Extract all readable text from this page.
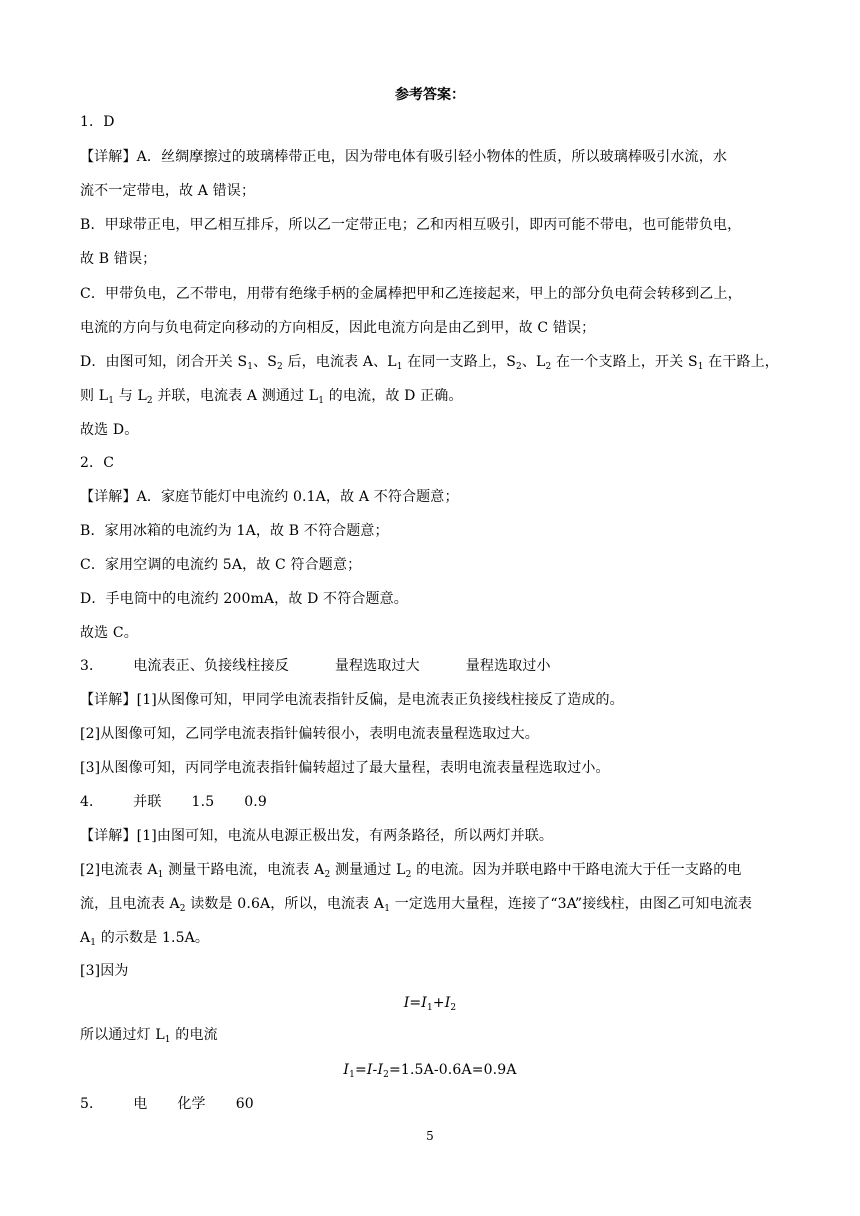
参考答案：
1．D
【详解】A．丝绸摩擦过的玻璃棒带正电，因为带电体有吸引轻小物体的性质，所以玻璃棒吸引水流，水
流不一定带电，故 A 错误；
B．甲球带正电，甲乙相互排斥，所以乙一定带正电；乙和丙相互吸引，即丙可能不带电，也可能带负电，
故 B 错误；
C．甲带负电，乙不带电，用带有绝缘手柄的金属棒把甲和乙连接起来，甲上的部分负电荷会转移到乙上，
电流的方向与负电荷定向移动的方向相反，因此电流方向是由乙到甲，故 C 错误；
D．由图可知，闭合开关 $S_1$、$S_2$ 后，电流表 A、$L_1$ 在同一支路上，$S_2$、$L_2$ 在一个支路上，开关 $S_1$ 在干路上，
则 $L_1$ 与 $L_2$ 并联，电流表 A 测通过 $L_1$ 的电流，故 D 正确。
故选 D。
2．C
【详解】A．家庭节能灯中电流约 0.1A，故 A 不符合题意；
B．家用冰箱的电流约为 1A，故 B 不符合题意；
C．家用空调的电流约 5A，故 C 符合题意；
D．手电筒中的电流约 200mA，故 D 不符合题意。
故选 C。
3． 电流表正、负接线柱接反	量程选取过大	量程选取过小
【详解】[1]从图像可知，甲同学电流表指针反偏，是电流表正负接线柱接反了造成的。
[2]从图像可知，乙同学电流表指针偏转很小，表明电流表量程选取过大。
[3]从图像可知，丙同学电流表指针偏转超过了最大量程，表明电流表量程选取过小。
4． 并联 1.5 0.9
【详解】[1]由图可知，电流从电源正极出发，有两条路径，所以两灯并联。
[2]电流表 $A_1$ 测量干路电流，电流表 $A_2$ 测量通过 $L_2$ 的电流。因为并联电路中干路电流大于任一支路的电
流，且电流表 $A_2$ 读数是 0.6A，所以，电流表 $A_1$ 一定选用大量程，连接了“3A”接线柱，由图乙可知电流表
$A_1$ 的示数是 1.5A。
[3]因为
$I=I_1+I_2$
所以通过灯 $L_1$ 的电流
$I_1=I-I_2=1.5A-0.6A=0.9A$
5． 电 化学 60
5
